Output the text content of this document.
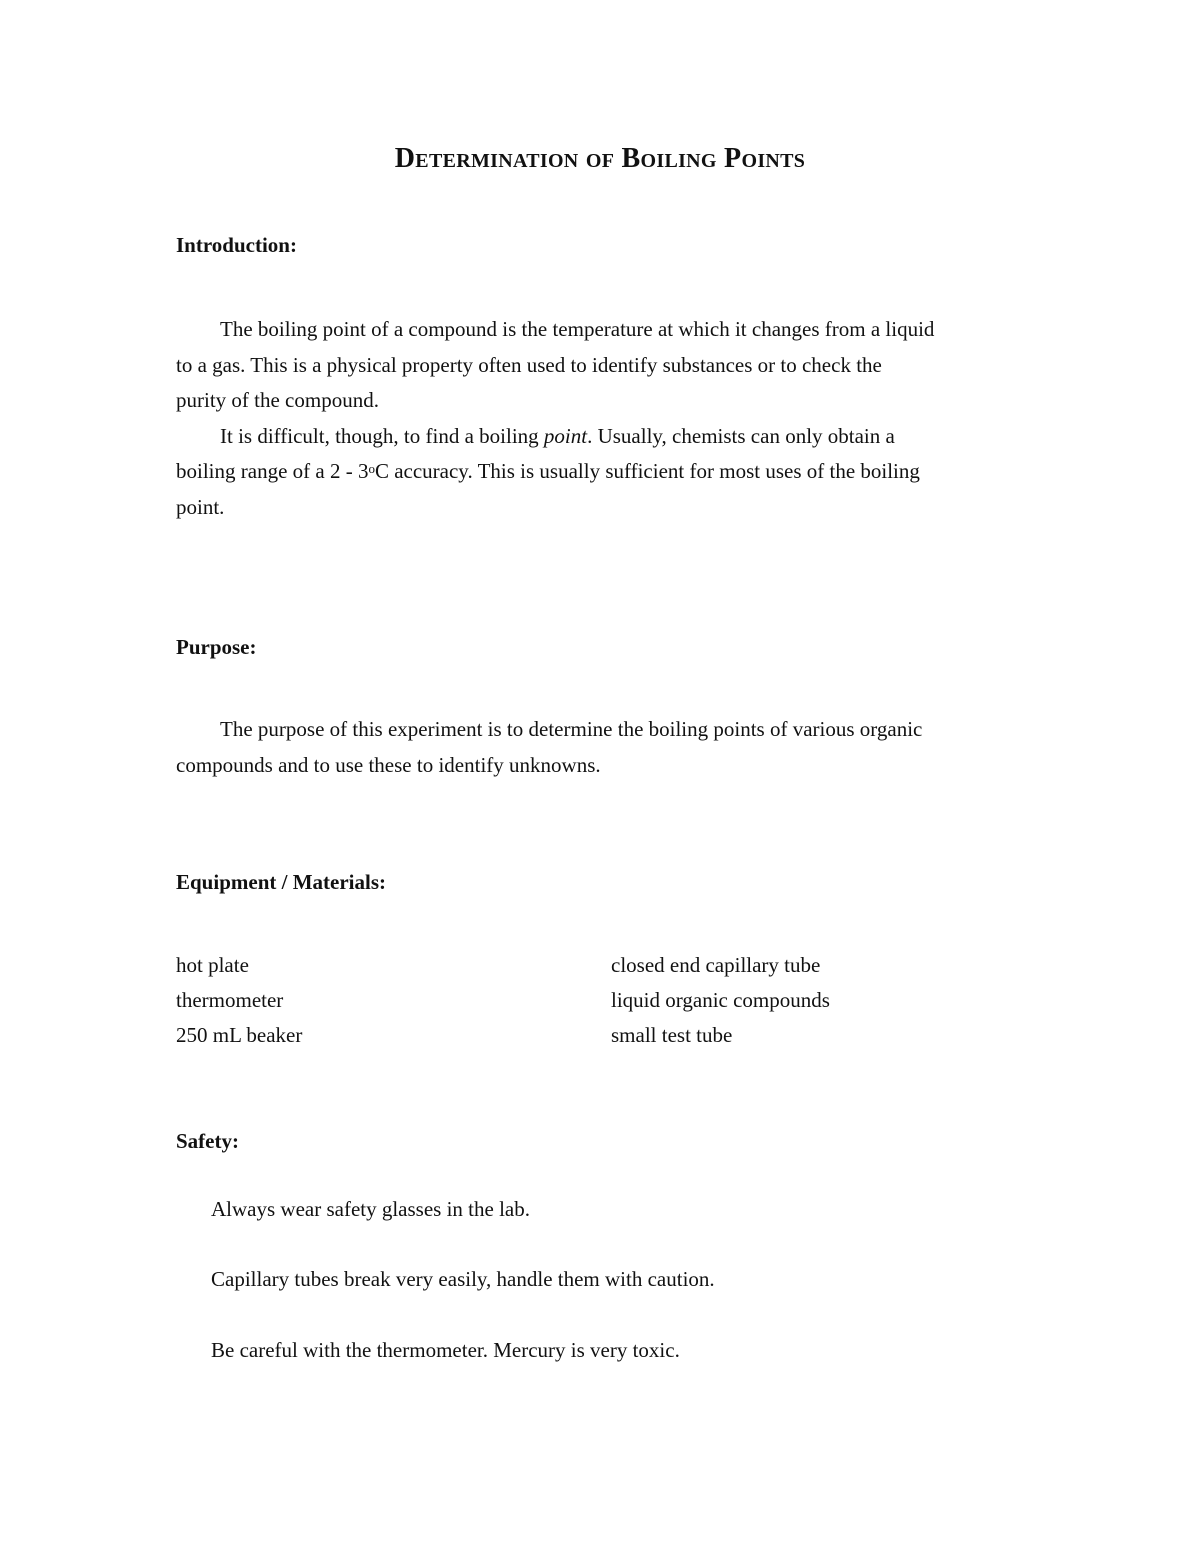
Determination of Boiling Points
Introduction:

The boiling point of a compound is the temperature at which it changes from a liquid
to a gas. This is a physical property often used to identify substances or to check the
purity of the compound.
It is difficult, though, to find a boiling point. Usually, chemists can only obtain a
boiling range of a 2 - 3$^o$C accuracy. This is usually sufficient for most uses of the boiling
point.

Purpose:

The purpose of this experiment is to determine the boiling points of various organic
compounds and to use these to identify unknowns.

Equipment / Materials:
hot plate
thermometer
250 mL beaker
closed end capillary tube
liquid organic compounds
small test tube
Safety:

Always wear safety glasses in the lab.

Capillary tubes break very easily, handle them with caution.

Be careful with the thermometer. Mercury is very toxic.
